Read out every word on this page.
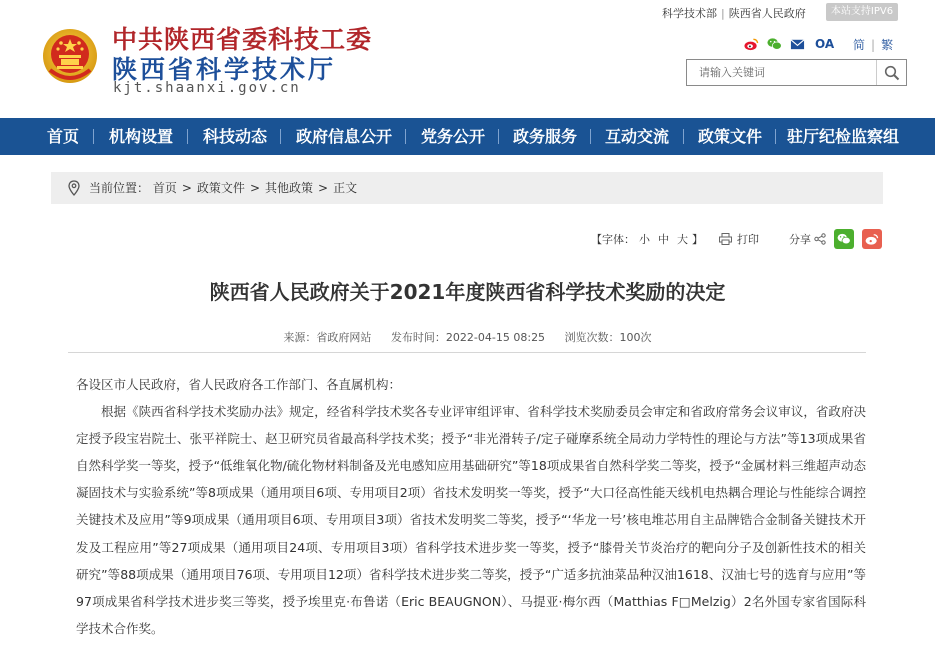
中共陕西省委科技工委
陕西省科学技术厅
kjt.shaanxi.gov.cn
科学技术部 | 陕西省人民政府	本站支持IPV6
OA 简 | 繁
请输入关键词
首页 机构设置 科技动态 政府信息公开 党务公开 政务服务 互动交流 政策文件 驻厅纪检监察组
当前位置： 首页 > 政策文件 > 其他政策 > 正文
【字体： 小 中 大 】	打印	分享
陕西省人民政府关于2021年度陕西省科学技术奖励的决定
来源：省政府网站 发布时间：2022-04-15 08:25 浏览次数：100次

各设区市人民政府，省人民政府各工作部门、各直属机构：

根据《陕西省科学技术奖励办法》规定，经省科学技术奖各专业评审组评审、省科学技术奖励委员会审定和省政府常务会议审议，省政府决定授予段宝岩院士、张平祥院士、赵卫研究员省最高科学技术奖；授予“非光滑转子/定子碰摩系统全局动力学特性的理论与方法”等13项成果省自然科学奖一等奖，授予“低维氧化物/硫化物材料制备及光电感知应用基础研究”等18项成果省自然科学奖二等奖，授予“金属材料三维超声动态凝固技术与实验系统”等8项成果（通用项目6项、专用项目2项）省技术发明奖一等奖，授予“大口径高性能天线机电热耦合理论与性能综合调控关键技术及应用”等9项成果（通用项目6项、专用项目3项）省技术发明奖二等奖，授予“‘华龙一号’核电堆芯用自主品牌锆合金制备关键技术开发及工程应用”等27项成果（通用项目24项、专用项目3项）省科学技术进步奖一等奖，授予“膝骨关节炎治疗的靶向分子及创新性技术的相关研究”等88项成果（通用项目76项、专用项目12项）省科学技术进步奖二等奖，授予“广适多抗油菜品种汉油1618、汉油七号的选育与应用”等97项成果省科学技术进步奖三等奖，授予埃里克·布鲁诺（Eric BEAUGNON）、马提亚·梅尔西（Matthias F□Melzig）2名外国专家省国际科学技术合作奖。
